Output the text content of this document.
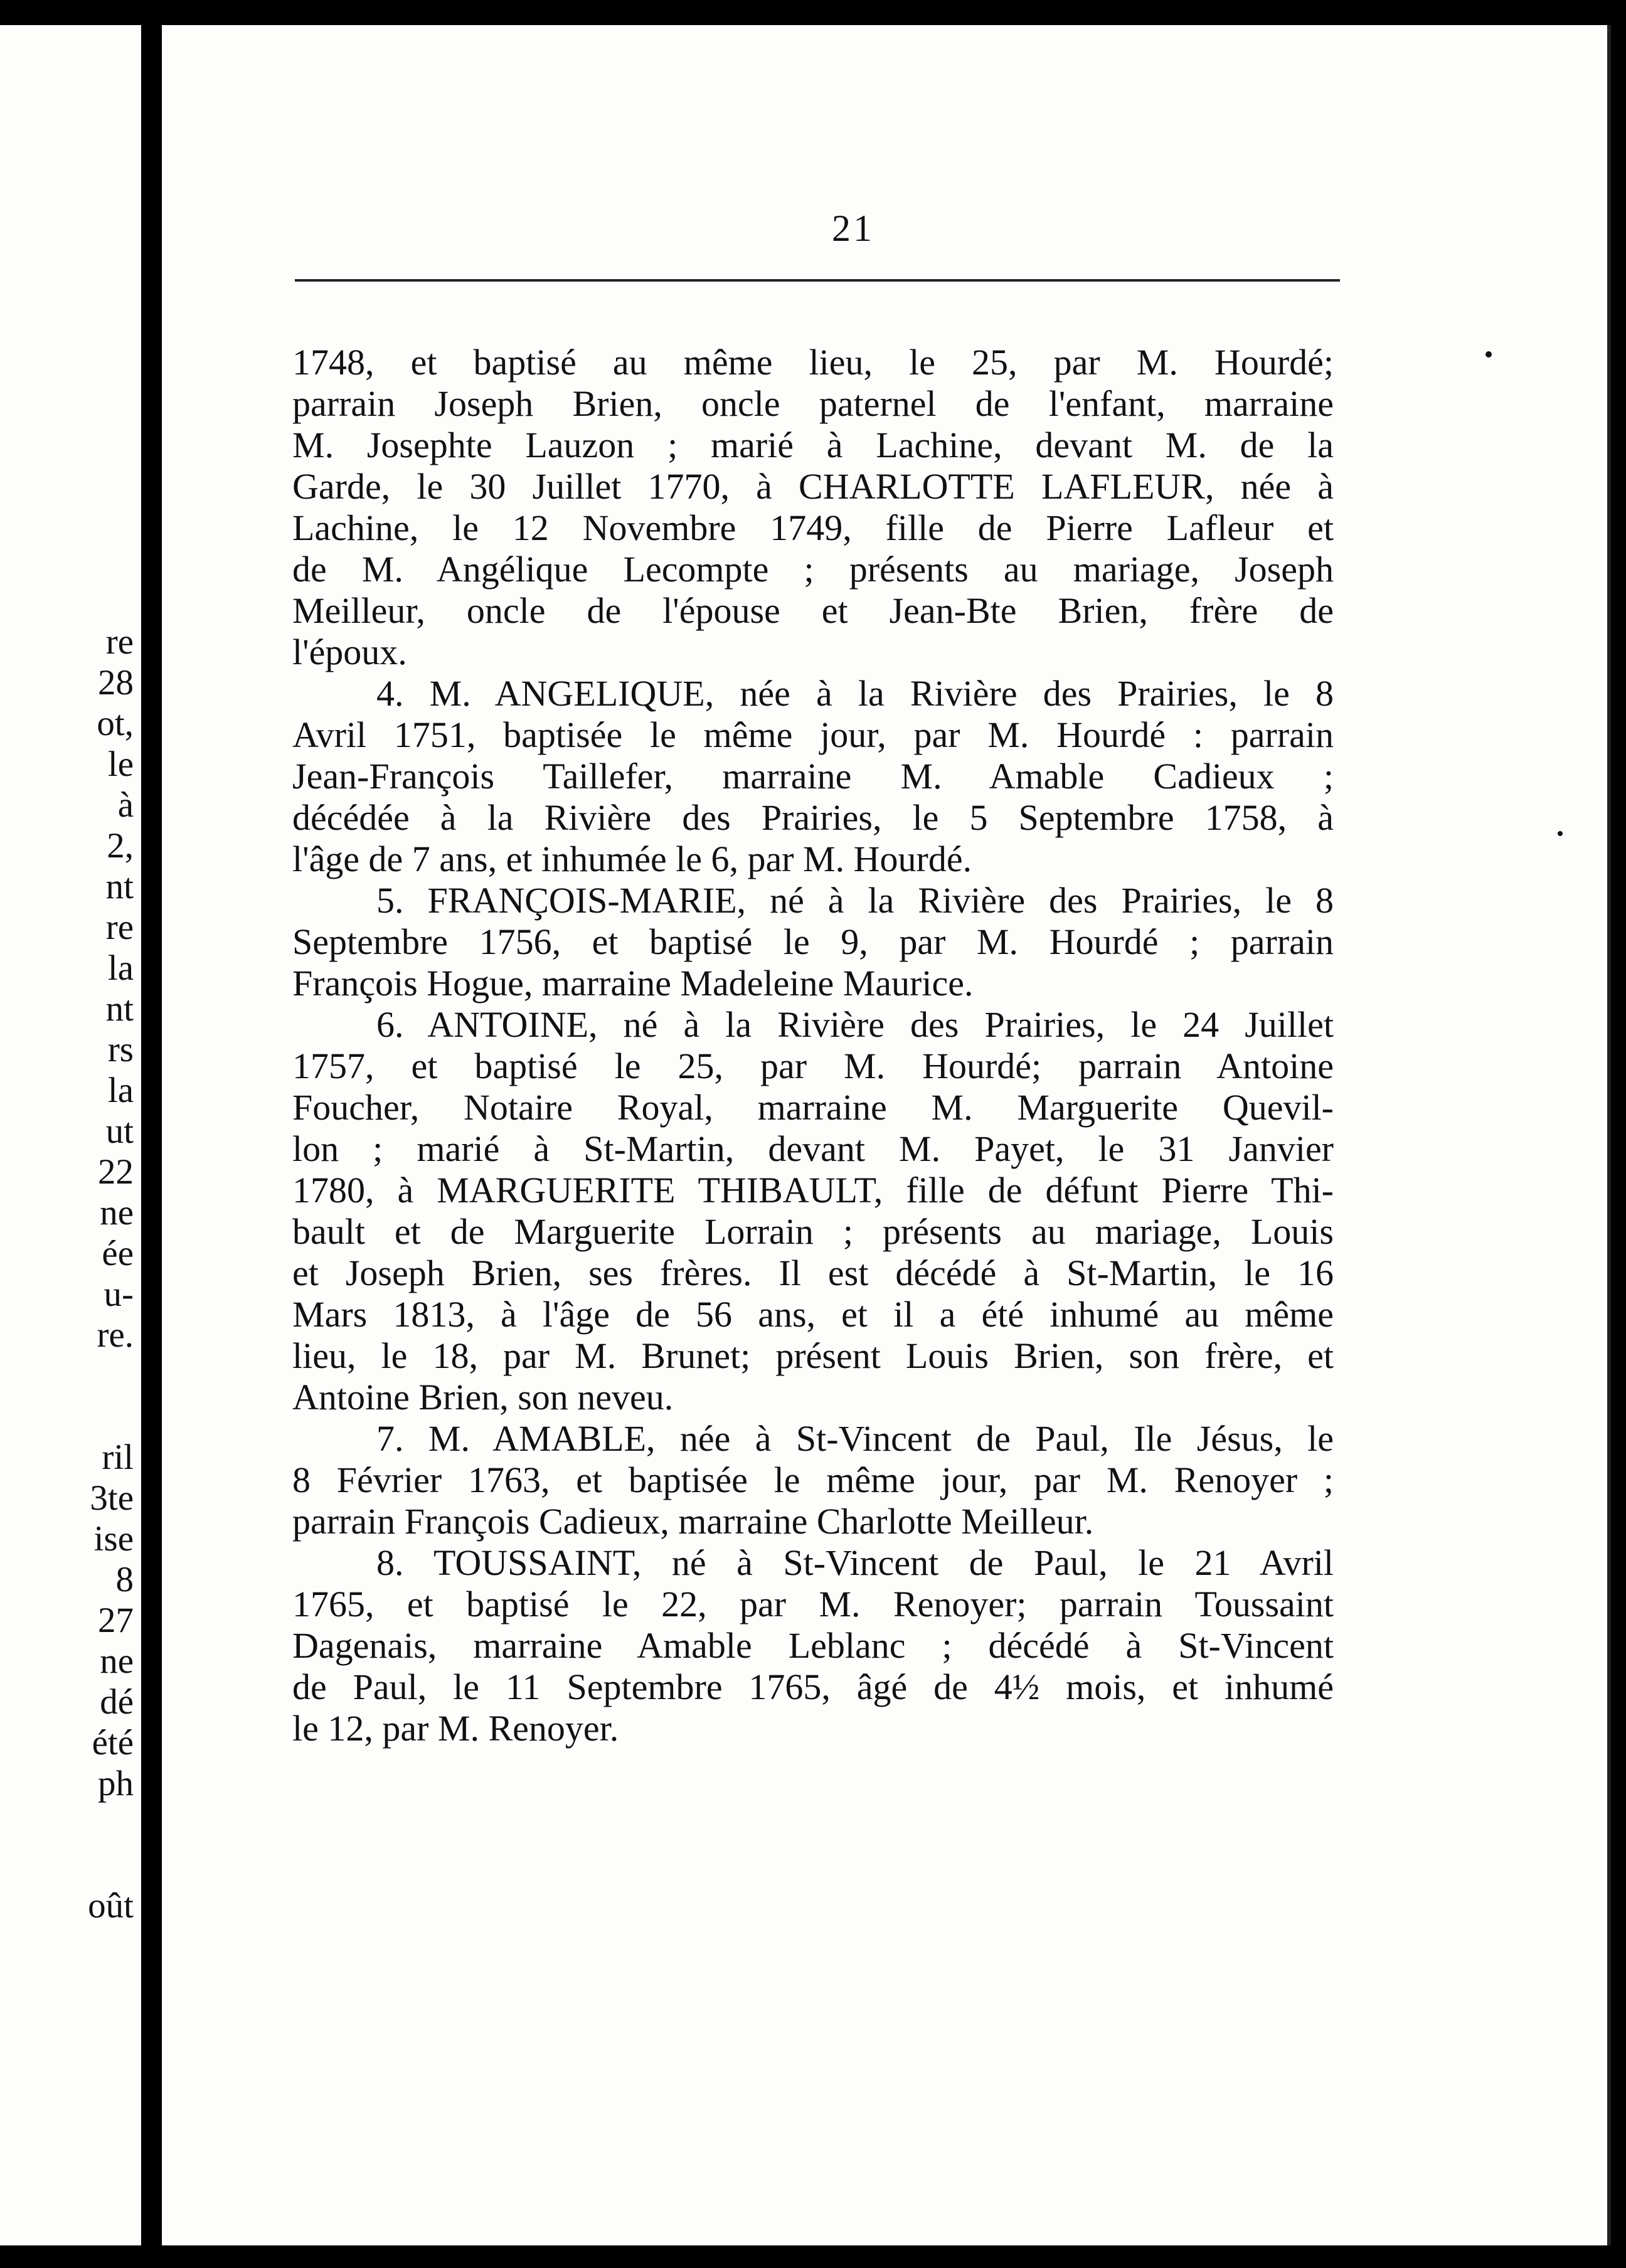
re
28
ot,
le
à
2,
nt
re
la
nt
rs
la
ut
22
ne
ée
u-
re.
ril
3te
ise
8
27
ne
dé
été
ph
oût
21
1748, et baptisé au même lieu, le 25, par M. Hourdé;
parrain Joseph Brien, oncle paternel de l'enfant, marraine
M. Josephte Lauzon ; marié à Lachine, devant M. de la
Garde, le 30 Juillet 1770, à CHARLOTTE LAFLEUR, née à
Lachine, le 12 Novembre 1749, fille de Pierre Lafleur et
de M. Angélique Lecompte ; présents au mariage, Joseph
Meilleur, oncle de l'épouse et Jean-Bte Brien, frère de
l'époux.
4. M. ANGELIQUE, née à la Rivière des Prairies, le 8
Avril 1751, baptisée le même jour, par M. Hourdé : parrain
Jean-François Taillefer, marraine M. Amable Cadieux ;
décédée à la Rivière des Prairies, le 5 Septembre 1758, à
l'âge de 7 ans, et inhumée le 6, par M. Hourdé.
5. FRANÇOIS-MARIE, né à la Rivière des Prairies, le 8
Septembre 1756, et baptisé le 9, par M. Hourdé ; parrain
François Hogue, marraine Madeleine Maurice.
6. ANTOINE, né à la Rivière des Prairies, le 24 Juillet
1757, et baptisé le 25, par M. Hourdé; parrain Antoine
Foucher, Notaire Royal, marraine M. Marguerite Quevil-
lon ; marié à St-Martin, devant M. Payet, le 31 Janvier
1780, à MARGUERITE THIBAULT, fille de défunt Pierre Thi-
bault et de Marguerite Lorrain ; présents au mariage, Louis
et Joseph Brien, ses frères. Il est décédé à St-Martin, le 16
Mars 1813, à l'âge de 56 ans, et il a été inhumé au même
lieu, le 18, par M. Brunet; présent Louis Brien, son frère, et
Antoine Brien, son neveu.
7. M. AMABLE, née à St-Vincent de Paul, Ile Jésus, le
8 Février 1763, et baptisée le même jour, par M. Renoyer ;
parrain François Cadieux, marraine Charlotte Meilleur.
8. TOUSSAINT, né à St-Vincent de Paul, le 21 Avril
1765, et baptisé le 22, par M. Renoyer; parrain Toussaint
Dagenais, marraine Amable Leblanc ; décédé à St-Vincent
de Paul, le 11 Septembre 1765, âgé de 4½ mois, et inhumé
le 12, par M. Renoyer.
